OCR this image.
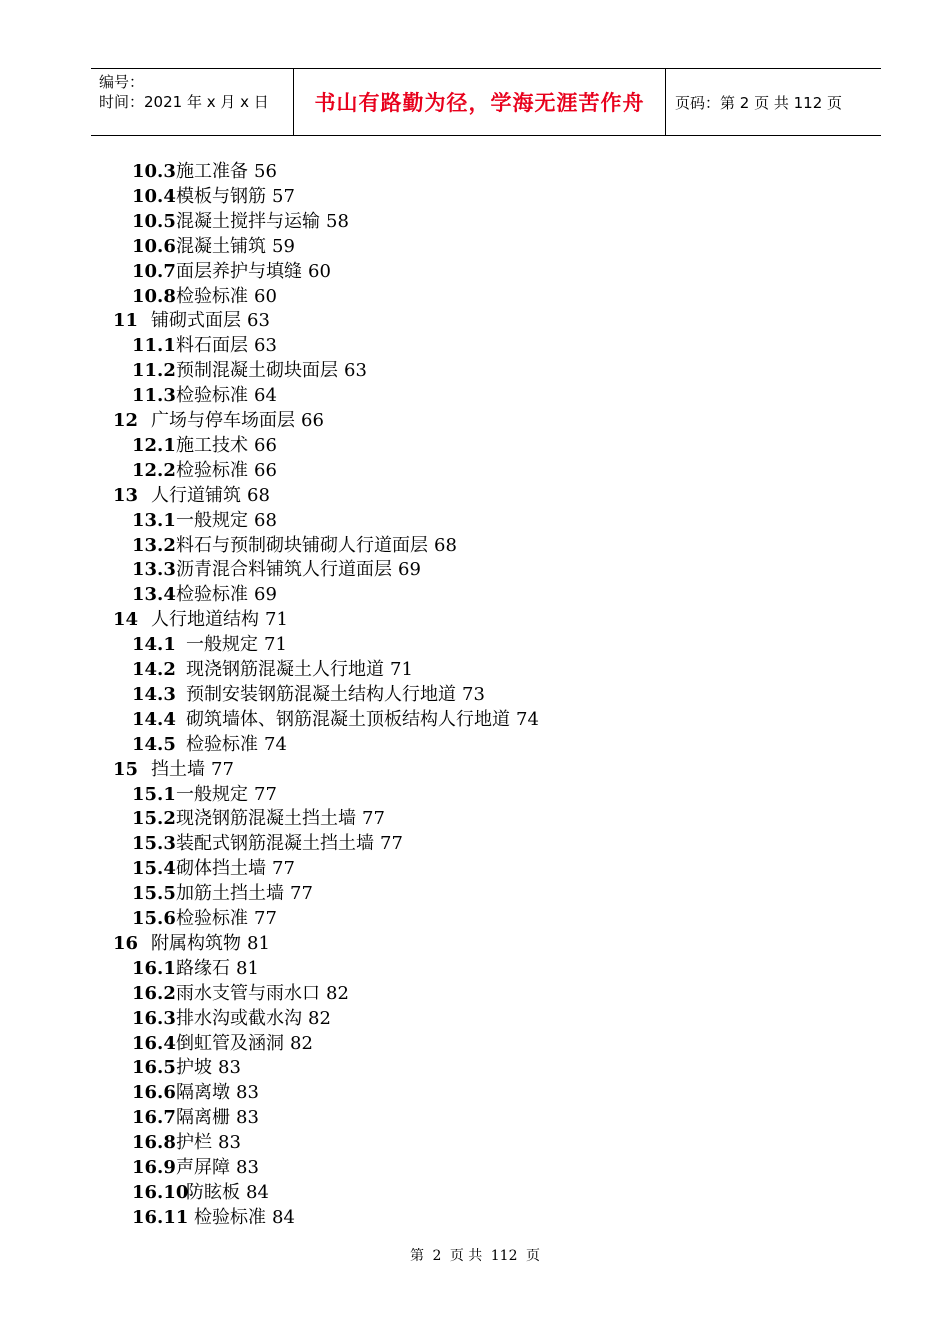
编号：
时间：2021 年 x 月 x 日	书山有路勤为径，学海无涯苦作舟	页码：第 2 页 共 112 页
10.3施工准备 56
10.4模板与钢筋 57
10.5混凝土搅拌与运输 58
10.6混凝土铺筑 59
10.7面层养护与填缝 60
10.8检验标准 60
11 铺砌式面层 63
11.1料石面层 63
11.2预制混凝土砌块面层 63
11.3检验标准 64
12 广场与停车场面层 66
12.1施工技术 66
12.2检验标准 66
13 人行道铺筑 68
13.1一般规定 68
13.2料石与预制砌块铺砌人行道面层 68
13.3沥青混合料铺筑人行道面层 69
13.4检验标准 69
14 人行地道结构 71
14.1 一般规定 71
14.2 现浇钢筋混凝土人行地道 71
14.3 预制安装钢筋混凝土结构人行地道 73
14.4 砌筑墙体、钢筋混凝土顶板结构人行地道 74
14.5 检验标准 74
15 挡土墙 77
15.1一般规定 77
15.2现浇钢筋混凝土挡土墙 77
15.3装配式钢筋混凝土挡土墙 77
15.4砌体挡土墙 77
15.5加筋土挡土墙 77
15.6检验标准 77
16 附属构筑物 81
16.1路缘石 81
16.2雨水支管与雨水口 82
16.3排水沟或截水沟 82
16.4倒虹管及涵洞 82
16.5护坡 83
16.6隔离墩 83
16.7隔离栅 83
16.8护栏 83
16.9声屏障 83
16.10防眩板 84
16.11 检验标准 84
第 2 页 共 112 页
